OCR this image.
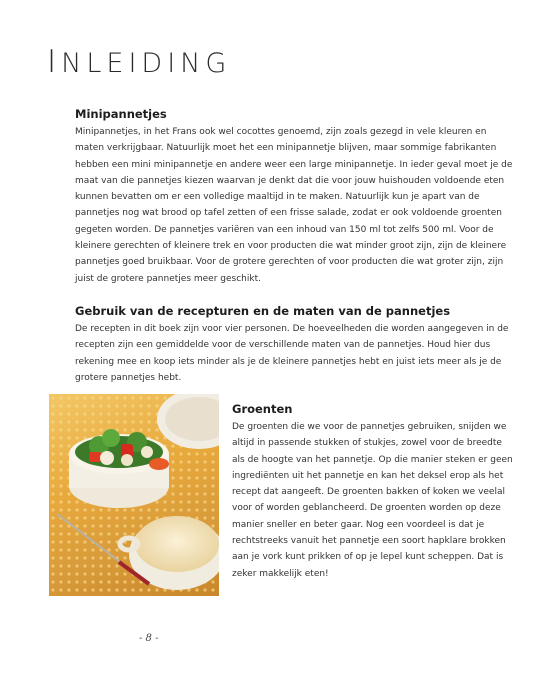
INLEIDING
Minipannetjes

Minipannetjes, in het Frans ook wel cocottes genoemd, zijn zoals gezegd in vele kleuren en maten verkrijgbaar. Natuurlijk moet het een minipannetje blijven, maar sommige fabrikanten hebben een mini minipannetje en andere weer een large minipannetje. In ieder geval moet je de maat van die pannetjes kiezen waarvan je denkt dat die voor jouw huishouden voldoende eten kunnen bevatten om er een volledige maaltijd in te maken. Natuurlijk kun je apart van de pannetjes nog wat brood op tafel zetten of een frisse salade, zodat er ook voldoende groenten gegeten worden. De pannetjes variëren van een inhoud van 150 ml tot zelfs 500 ml. Voor de kleinere gerechten of kleinere trek en voor producten die wat minder groot zijn, zijn de kleinere pannetjes goed bruikbaar. Voor de grotere gerechten of voor producten die wat groter zijn, zijn juist de grotere pannetjes meer geschikt.

Gebruik van de recepturen en de maten van de pannetjes

De recepten in dit boek zijn voor vier personen. De hoeveelheden die worden aangegeven in de recepten zijn een gemiddelde voor de verschillende maten van de pannetjes. Houd hier dus rekening mee en koop iets minder als je de kleinere pannetjes hebt en juist iets meer als je de grotere pannetjes hebt.

Groenten

De groenten die we voor de pannetjes gebruiken, snijden we altijd in passende stukken of stukjes, zowel voor de breedte als de hoogte van het pannetje. Op die manier steken er geen ingrediënten uit het pannetje en kan het deksel erop als het recept dat aangeeft. De groenten bakken of koken we veelal voor of worden geblancheerd. De groenten worden op deze manier sneller en beter gaar. Nog een voordeel is dat je rechtstreeks vanuit het pannetje een soort hapklare brokken aan je vork kunt prikken of op je lepel kunt scheppen. Dat is zeker makkelijk eten!

- 8 -
